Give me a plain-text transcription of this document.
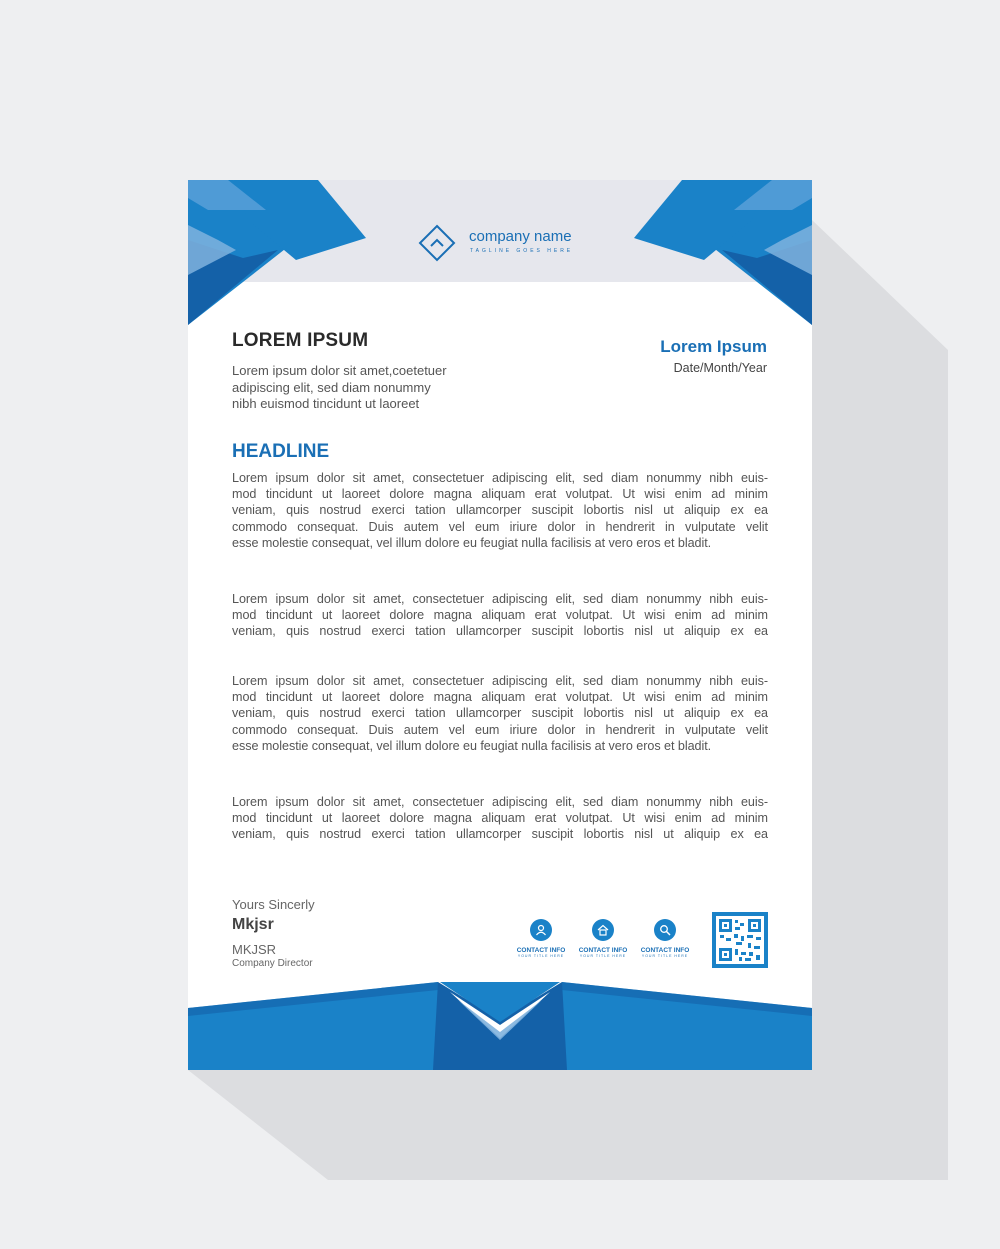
company name
TAGLINE GOES HERE
LOREM IPSUM
Lorem ipsum dolor sit amet,coetetuer
adipiscing elit, sed diam nonummy
nibh euismod tincidunt ut laoreet
Lorem Ipsum
Date/Month/Year
HEADLINE
Lorem ipsum dolor sit amet, consectetuer adipiscing elit, sed diam nonummy nibh euis-
mod tincidunt ut laoreet dolore magna aliquam erat volutpat. Ut wisi enim ad minim
veniam, quis nostrud exerci tation ullamcorper suscipit lobortis nisl ut aliquip ex ea
commodo consequat. Duis autem vel eum iriure dolor in hendrerit in vulputate velit
esse molestie consequat, vel illum dolore eu feugiat nulla facilisis at vero eros et bladit.
Lorem ipsum dolor sit amet, consectetuer adipiscing elit, sed diam nonummy nibh euis-
mod tincidunt ut laoreet dolore magna aliquam erat volutpat. Ut wisi enim ad minim
veniam, quis nostrud exerci tation ullamcorper suscipit lobortis nisl ut aliquip ex ea
Lorem ipsum dolor sit amet, consectetuer adipiscing elit, sed diam nonummy nibh euis-
mod tincidunt ut laoreet dolore magna aliquam erat volutpat. Ut wisi enim ad minim
veniam, quis nostrud exerci tation ullamcorper suscipit lobortis nisl ut aliquip ex ea
commodo consequat. Duis autem vel eum iriure dolor in hendrerit in vulputate velit
esse molestie consequat, vel illum dolore eu feugiat nulla facilisis at vero eros et bladit.
Lorem ipsum dolor sit amet, consectetuer adipiscing elit, sed diam nonummy nibh euis-
mod tincidunt ut laoreet dolore magna aliquam erat volutpat. Ut wisi enim ad minim
veniam, quis nostrud exerci tation ullamcorper suscipit lobortis nisl ut aliquip ex ea
Yours Sincerly
Mkjsr
MKJSR
Company Director
CONTACT INFO
YOUR TITLE HERE
CONTACT INFO
YOUR TITLE HERE
CONTACT INFO
YOUR TITLE HERE
